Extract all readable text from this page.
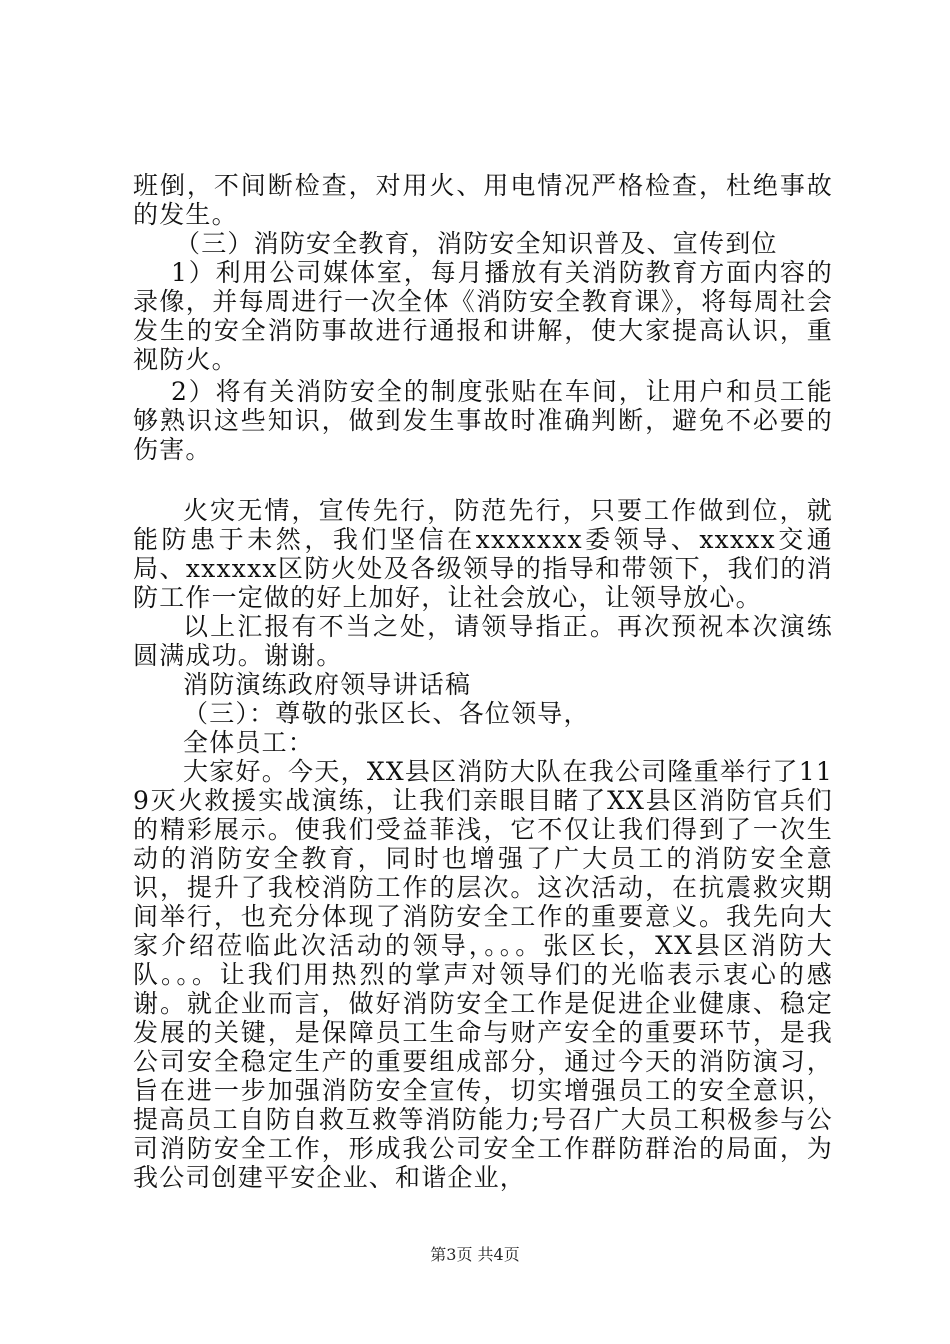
班倒，不间断检查，对用火、用电情况严格检查，杜绝事故的发生。

（三）消防安全教育，消防安全知识普及、宣传到位

1）利用公司媒体室，每月播放有关消防教育方面内容的录像，并每周进行一次全体《消防安全教育课》，将每周社会发生的安全消防事故进行通报和讲解，使大家提高认识，重视防火。

2）将有关消防安全的制度张贴在车间，让用户和员工能够熟识这些知识，做到发生事故时准确判断，避免不必要的伤害。

火灾无情，宣传先行，防范先行，只要工作做到位，就能防患于未然，我们坚信在xxxxxxx委领导、xxxxx交通局、xxxxxx区防火处及各级领导的指导和带领下，我们的消防工作一定做的好上加好，让社会放心，让领导放心。

以上汇报有不当之处，请领导指正。再次预祝本次演练圆满成功。谢谢。

消防演练政府领导讲话稿

（三）：尊敬的张区长、各位领导，

全体员工：

大家好。今天，XX县区消防大队在我公司隆重举行了119灭火救援实战演练，让我们亲眼目睹了XX县区消防官兵们的精彩展示。使我们受益菲浅，它不仅让我们得到了一次生动的消防安全教育，同时也增强了广大员工的消防安全意识，提升了我校消防工作的层次。这次活动，在抗震救灾期间举行，也充分体现了消防安全工作的重要意义。我先向大家介绍莅临此次活动的领导，。。。张区长，XX县区消防大队。。。让我们用热烈的掌声对领导们的光临表示衷心的感谢。就企业而言，做好消防安全工作是促进企业健康、稳定发展的关键，是保障员工生命与财产安全的重要环节，是我公司安全稳定生产的重要组成部分，通过今天的消防演习，旨在进一步加强消防安全宣传，切实增强员工的安全意识，提高员工自防自救互救等消防能力;号召广大员工积极参与公司消防安全工作，形成我公司安全工作群防群治的局面，为我公司创建平安企业、和谐企业，

第3页 共4页
